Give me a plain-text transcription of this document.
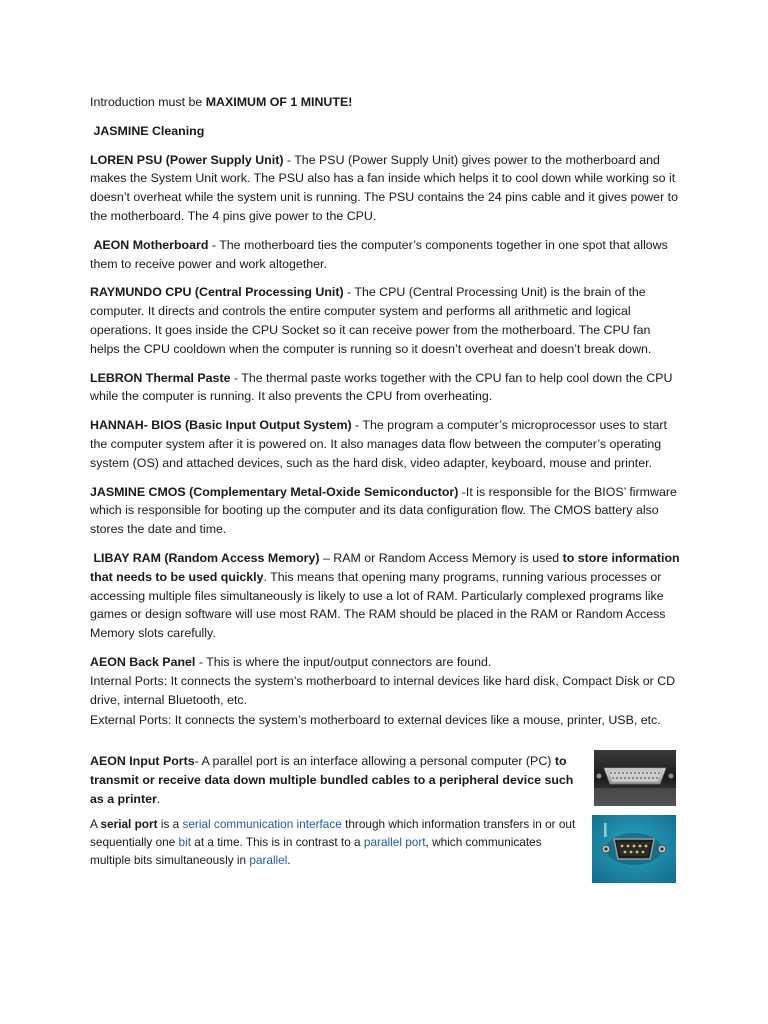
Introduction must be MAXIMUM OF 1 MINUTE!

JASMINE Cleaning

LOREN PSU (Power Supply Unit) - The PSU (Power Supply Unit) gives power to the motherboard and makes the System Unit work. The PSU also has a fan inside which helps it to cool down while working so it doesn’t overheat while the system unit is running. The PSU contains the 24 pins cable and it gives power to the motherboard. The 4 pins give power to the CPU.

AEON Motherboard - The motherboard ties the computer’s components together in one spot that allows them to receive power and work altogether.

RAYMUNDO CPU (Central Processing Unit) - The CPU (Central Processing Unit) is the brain of the computer. It directs and controls the entire computer system and performs all arithmetic and logical operations. It goes inside the CPU Socket so it can receive power from the motherboard. The CPU fan helps the CPU cooldown when the computer is running so it doesn’t overheat and doesn’t break down.

LEBRON Thermal Paste - The thermal paste works together with the CPU fan to help cool down the CPU while the computer is running. It also prevents the CPU from overheating.

HANNAH- BIOS (Basic Input Output System) - The program a computer’s microprocessor uses to start the computer system after it is powered on. It also manages data flow between the computer’s operating system (OS) and attached devices, such as the hard disk, video adapter, keyboard, mouse and printer.

JASMINE CMOS (Complementary Metal-Oxide Semiconductor) -It is responsible for the BIOS’ firmware which is responsible for booting up the computer and its data configuration flow. The CMOS battery also stores the date and time.

LIBAY RAM (Random Access Memory) – RAM or Random Access Memory is used to store information that needs to be used quickly. This means that opening many programs, running various processes or accessing multiple files simultaneously is likely to use a lot of RAM. Particularly complexed programs like games or design software will use most RAM. The RAM should be placed in the RAM or Random Access Memory slots carefully.

AEON Back Panel - This is where the input/output connectors are found.

Internal Ports: It connects the system’s motherboard to internal devices like hard disk, Compact Disk or CD drive, internal Bluetooth, etc.

External Ports: It connects the system’s motherboard to external devices like a mouse, printer, USB, etc.

AEON Input Ports- A parallel port is an interface allowing a personal computer (PC) to transmit or receive data down multiple bundled cables to a peripheral device such as a printer.

A serial port is a serial communication interface through which information transfers in or out sequentially one bit at a time. This is in contrast to a parallel port, which communicates multiple bits simultaneously in parallel.
